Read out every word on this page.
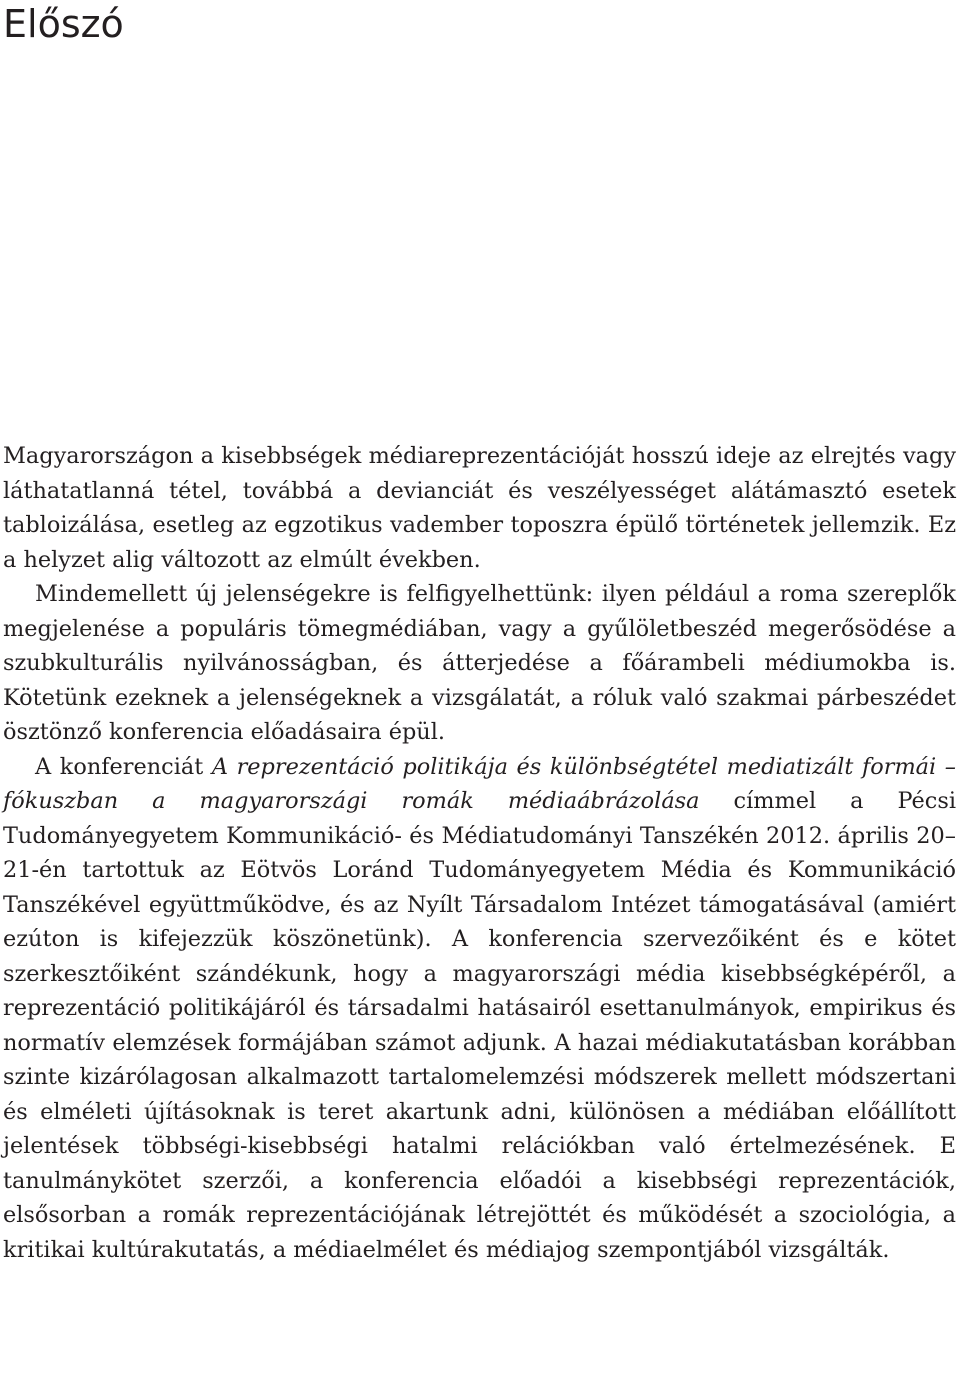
Előszó

Magyarországon a kisebbségek médiareprezentációját hosszú ideje az elrejtés vagy láthatatlanná tétel, továbbá a devianciát és veszélyességet alátámasztó esetek tabloizálása, esetleg az egzotikus vadember toposzra épülő történetek jellemzik. Ez a helyzet alig változott az elmúlt években.

Mindemellett új jelenségekre is felfigyelhettünk: ilyen például a roma szereplők megjelenése a populáris tömegmédiában, vagy a gyűlöletbeszéd megerősödése a szubkulturális nyilvánosságban, és átterjedése a főárambeli médiumokba is. Kötetünk ezeknek a jelenségeknek a vizsgálatát, a róluk való szakmai párbeszédet ösztönző konferencia előadásaira épül.

A konferenciát A reprezentáció politikája és különbségtétel mediatizált formái – fókuszban a magyarországi romák médiaábrázolása címmel a Pécsi Tudományegyetem Kommunikáció- és Médiatudományi Tanszékén 2012. április 20–21-én tartottuk az Eötvös Loránd Tudományegyetem Média és Kommunikáció Tanszékével együttműködve, és az Nyílt Társadalom Intézet támogatásával (amiért ezúton is kifejezzük köszönetünk). A konferencia szervezőiként és e kötet szerkesztőiként szándékunk, hogy a magyarországi média kisebbségképéről, a reprezentáció politikájáról és társadalmi hatásairól esettanulmányok, empirikus és normatív elemzések formájában számot adjunk. A hazai médiakutatásban korábban szinte kizárólagosan alkalmazott tartalomelemzési módszerek mellett módszertani és elméleti újításoknak is teret akartunk adni, különösen a médiában előállított jelentések többségi-kisebbségi hatalmi relációkban való értelmezésének. E tanulmánykötet szerzői, a konferencia előadói a kisebbségi reprezentációk, elsősorban a romák reprezentációjának létrejöttét és működését a szociológia, a kritikai kultúrakutatás, a médiaelmélet és médiajog szempontjából vizsgálták.
